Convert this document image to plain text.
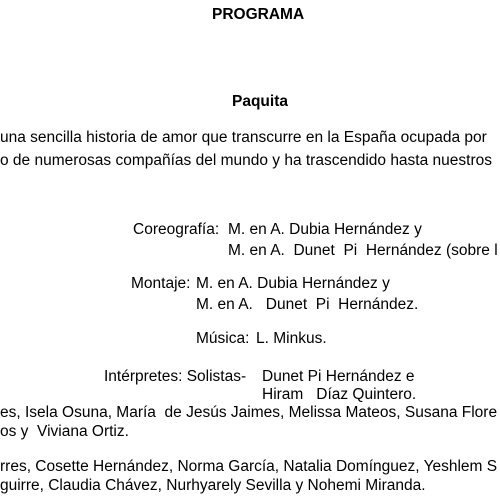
PROGRAMA
Paquita
una sencilla historia de amor que transcurre en la España ocupada por
o de numerosas compañías del mundo y ha trascendido hasta nuestros
Coreografía: M. en A. Dubia Hernández y
M. en A.  Dunet  Pi  Hernández (sobre l
Montaje: M. en A. Dubia Hernández y
M. en A.   Dunet  Pi  Hernández.
Música: L. Minkus.
Intérpretes: Solistas- Dunet Pi Hernández e
Hiram   Díaz Quintero.
es, Isela Osuna, María  de Jesús Jaimes, Melissa Mateos, Susana Flore
os y  Viviana Ortiz.
rres, Cosette Hernández, Norma García, Natalia Domínguez, Yeshlem S
guirre, Claudia Chávez, Nurhyarely Sevilla y Nohemi Miranda.
